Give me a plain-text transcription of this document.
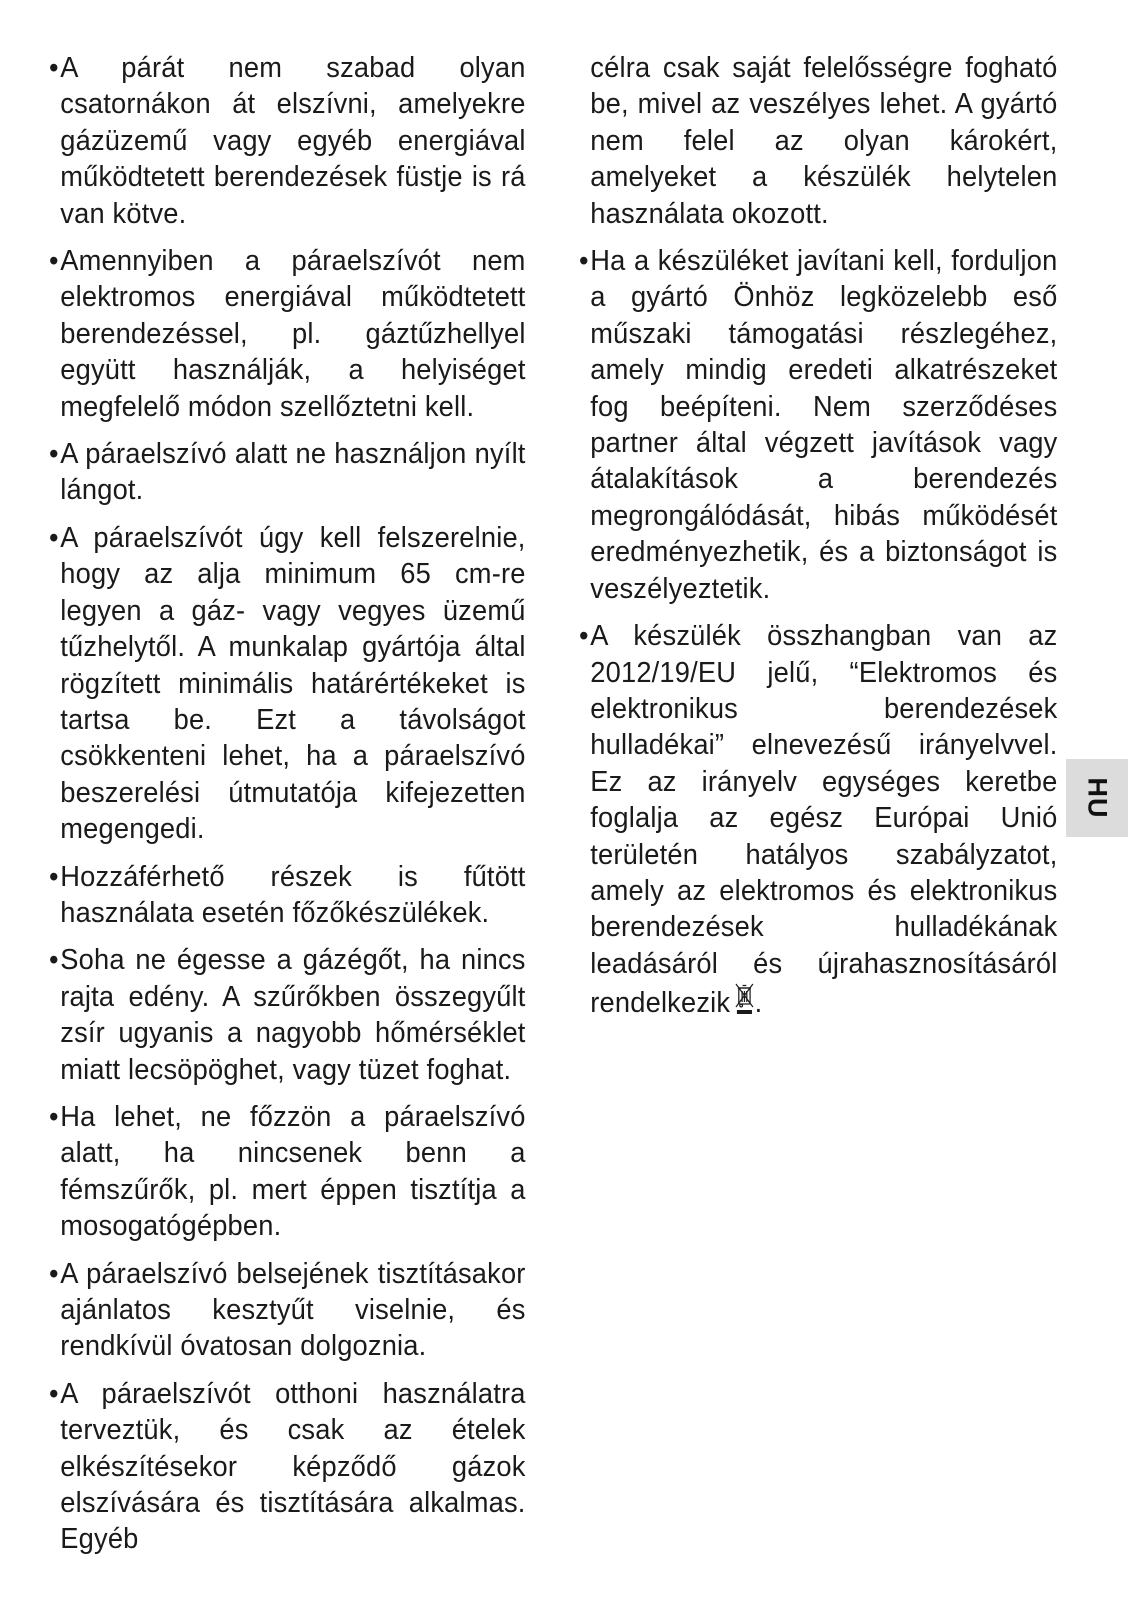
• A párát nem szabad olyan csatornákon át elszívni, amelyekre gázüzemű vagy egyéb energiával működtetett berendezések füstje is rá van kötve.

• Amennyiben a páraelszívót nem elektromos energiával működtetett berendezéssel, pl. gáztűzhellyel együtt használják, a helyiséget megfelelő módon szellőztetni kell.

• A páraelszívó alatt ne használjon nyílt lángot.

• A páraelszívót úgy kell felszerelnie, hogy az alja minimum 65 cm-re legyen a gáz- vagy vegyes üzemű tűzhelytől. A munkalap gyártója által rögzített minimális határértékeket is tartsa be. Ezt a távolságot csökkenteni lehet, ha a páraelszívó beszerelési útmutatója kifejezetten megengedi.

• Hozzáférhető részek is fűtött használata esetén főzőkészülékek.

• Soha ne égesse a gázégőt, ha nincs rajta edény. A szűrőkben összegyűlt zsír ugyanis a nagyobb hőmérséklet miatt lecsöpöghet, vagy tüzet foghat.

• Ha lehet, ne főzzön a páraelszívó alatt, ha nincsenek benn a fémszűrők, pl. mert éppen tisztítja a mosogatógépben.

• A páraelszívó belsejének tisztításakor ajánlatos kesztyűt viselnie, és rendkívül óvatosan dolgoznia.

• A páraelszívót otthoni használatra terveztük, és csak az ételek elkészítésekor képződő gázok elszívására és tisztítására alkalmas. Egyéb

célra csak saját felelősségre fogható be, mivel az veszélyes lehet. A gyártó nem felel az olyan károkért, amelyeket a készülék helytelen használata okozott.

• Ha a készüléket javítani kell, forduljon a gyártó Önhöz legközelebb eső műszaki támogatási részlegéhez, amely mindig eredeti alkatrészeket fog beépíteni. Nem szerződéses partner által végzett javítások vagy átalakítások a berendezés megrongálódását, hibás működését eredményezhetik, és a biztonságot is veszélyeztetik.

• A készülék összhangban van az 2012/19/EU jelű, “Elektromos és elektronikus berendezések hulladékai” elnevezésű irányelvvel. Ez az irányelv egységes keretbe foglalja az egész Európai Unió területén hatályos szabályzatot, amely az elektromos és elektronikus berendezések hulladékának leadásáról és újrahasznosításáról rendelkezik .

HU
